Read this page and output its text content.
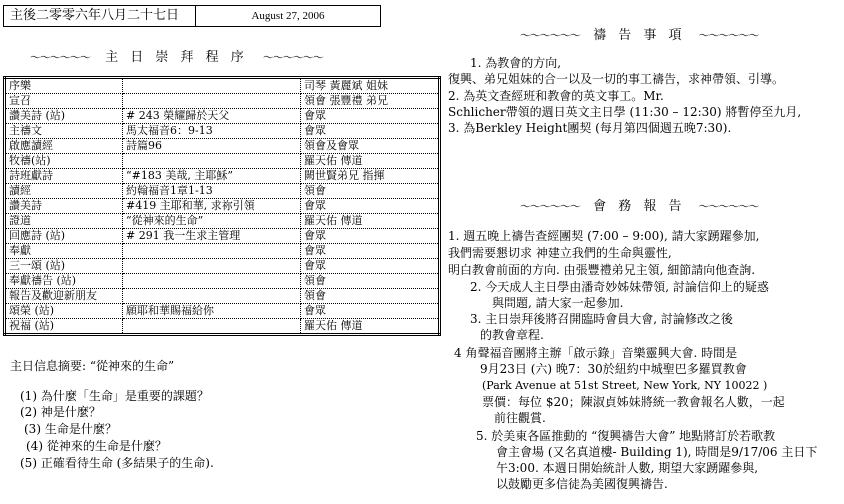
主後二零零六年八月二十七日	August 27, 2006
～～～～～～ 主 日 崇 拜 程 序 ～～～～～～
序樂		司琴 黃麗斌 姐妹
宣召		領會 張豐禮 弟兄
讚美詩 (站)	# 243 榮耀歸於天父	會眾
主禱文	馬太福音6：9-13	會眾
啟應讀經	詩篇96	領會及會眾
牧禱(站)		羅天佑 傳道
詩班獻詩	“#183 美哉, 主耶穌”	闕世賢弟兄 指揮
讀經	約翰福音1章1-13	領會
讚美詩	#419 主耶和華, 求祢引領	會眾
證道	“從神來的生命”	羅天佑 傳道
回應詩 (站)	# 291 我一生求主管理	會眾
奉獻		會眾
三一頌 (站)		會眾
奉獻禱告 (站)		領會
報告及歡迎新朋友		領會
頌榮 (站)	願耶和華賜福給你	會眾
祝福 (站)		羅天佑 傳道
主日信息摘要: “從神來的生命”
(1) 為什麼「生命」是重要的課題？
(2) 神是什麼？
(3) 生命是什麼？
(4) 從神來的生命是什麼？
(5) 正確看待生命 (多結果子的生命).
～～～～～～ 禱 告 事 項 ～～～～～～
1. 為教會的方向,
復興、弟兄姐妹的合一以及一切的事工禱告，求神帶領、引導。
2. 為英文查經班和教會的英文事工。Mr.
Schlicher帶領的週日英文主日學 (11:30 – 12:30) 將暫停至九月,
3. 為Berkley Height團契 (每月第四個週五晚7:30).
～～～～～～ 會 務 報 告 ～～～～～～
1. 週五晚上禱告查經團契 (7:00 – 9:00), 請大家踴躍參加,
我們需要懇切求 神建立我們的生命與靈性,
明白教會前面的方向. 由張豐禮弟兄主領, 細節請向他查詢.
2. 今天成人主日學由潘奇妙姊妹帶領, 討論信仰上的疑惑
與問題, 請大家一起參加.
3. 主日崇拜後將召開臨時會員大會, 討論修改之後
的教會章程.
4 角聲福音團將主辦「啟示錄」音樂靈興大會. 時間是
9月23日 (六) 晚7：30於紐約中城聖巴多羅買教會
(Park Avenue at 51st Street, New York, NY 10022 )
票價：每位 $20；陳淑貞姊妹將統一教會報名人數，一起
前往觀賞.
5. 於美東各區推動的 “復興禱告大會” 地點將訂於若歌教
會主會場 (又名真道樓- Building 1), 時間是9/17/06 主日下
午3:00. 本週日開始統計人數, 期望大家踴躍參與,
以鼓勵更多信徒為美國復興禱告.
